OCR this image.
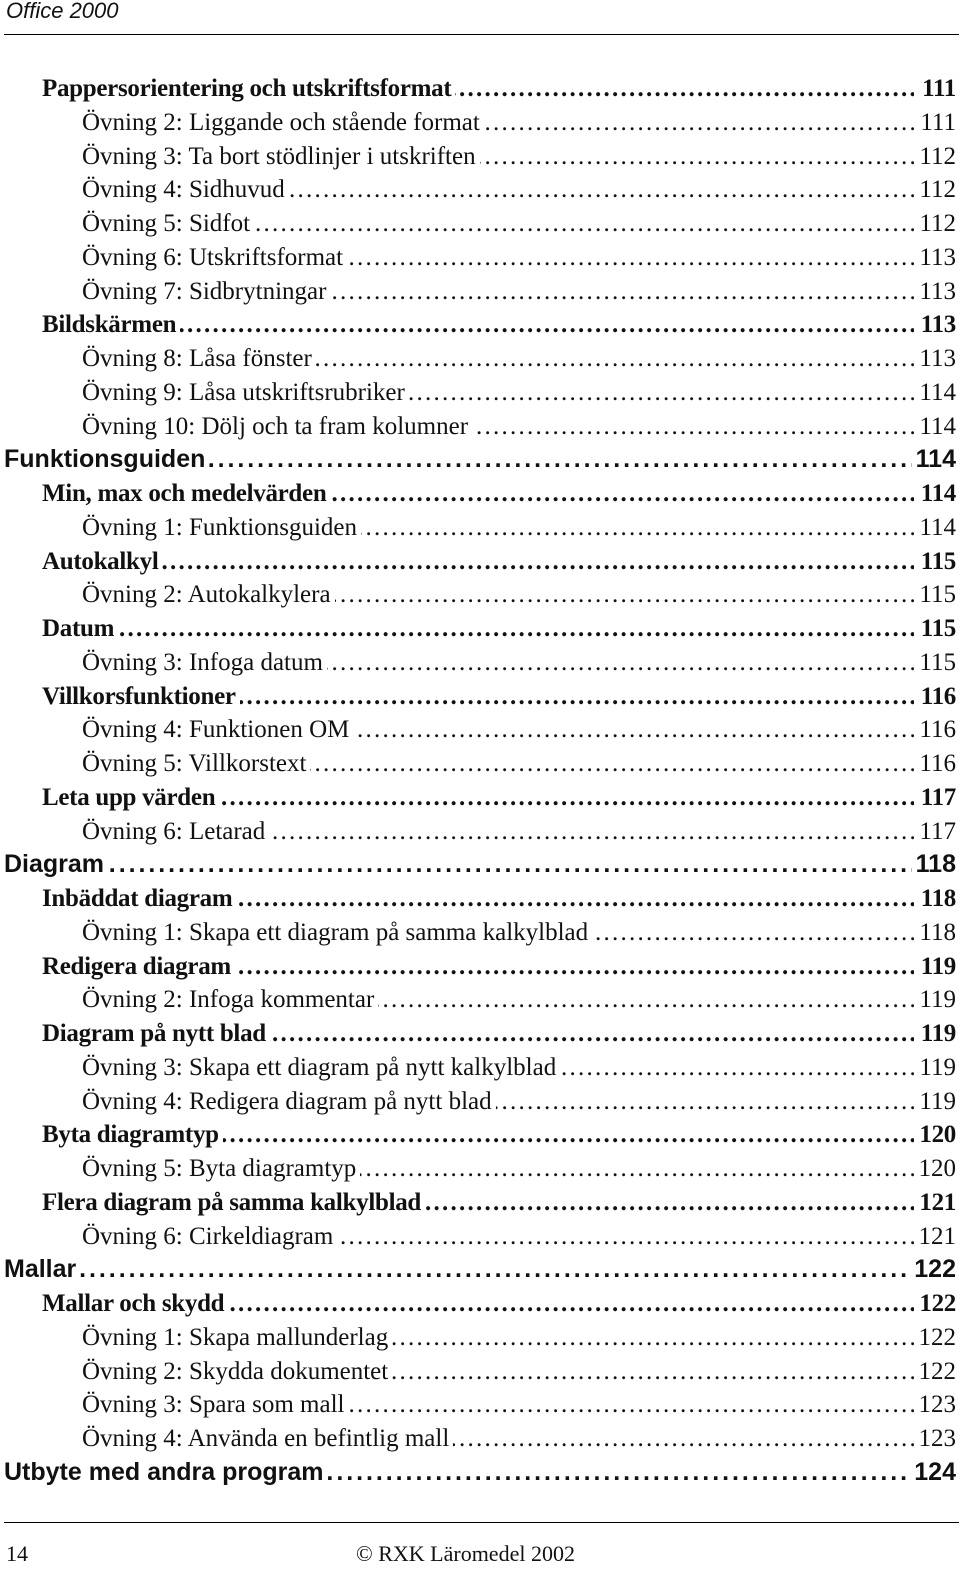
Office 2000
. . .
Pappersorientering och utskriftsformat	111
. . .
Övning 2: Liggande och stående format	111
. . .
Övning 3: Ta bort stödlinjer i utskriften	112
. . .
Övning 4: Sidhuvud	112
. . .
Övning 5: Sidfot	112
. . .
Övning 6: Utskriftsformat	113
. . .
Övning 7: Sidbrytningar	113
. . .
Bildskärmen	113
. . .
Övning 8: Låsa fönster	113
. . .
Övning 9: Låsa utskriftsrubriker	114
. . .
Övning 10: Dölj och ta fram kolumner	114
. . .
Funktionsguiden	114
. . .
Min, max och medelvärden	114
. . .
Övning 1: Funktionsguiden	114
. . .
Autokalkyl	115
. . .
Övning 2: Autokalkylera	115
. . .
Datum	115
. . .
Övning 3: Infoga datum	115
. . .
Villkorsfunktioner	116
. . .
Övning 4: Funktionen OM	116
. . .
Övning 5: Villkorstext	116
. . .
Leta upp värden	117
. . .
Övning 6: Letarad	117
. . .
Diagram	118
. . .
Inbäddat diagram	118
. . .
Övning 1: Skapa ett diagram på samma kalkylblad	118
. . .
Redigera diagram	119
. . .
Övning 2: Infoga kommentar	119
. . .
Diagram på nytt blad	119
. . .
Övning 3: Skapa ett diagram på nytt kalkylblad	119
. . .
Övning 4: Redigera diagram på nytt blad	119
. . .
Byta diagramtyp	120
. . .
Övning 5: Byta diagramtyp	120
. . .
Flera diagram på samma kalkylblad	121
. . .
Övning 6: Cirkeldiagram	121
. . .
Mallar	122
. . .
Mallar och skydd	122
. . .
Övning 1: Skapa mallunderlag	122
. . .
Övning 2: Skydda dokumentet	122
. . .
Övning 3: Spara som mall	123
. . .
Övning 4: Använda en befintlig mall	123
. . .
Utbyte med andra program	124
14	© RXK Läromedel 2002
